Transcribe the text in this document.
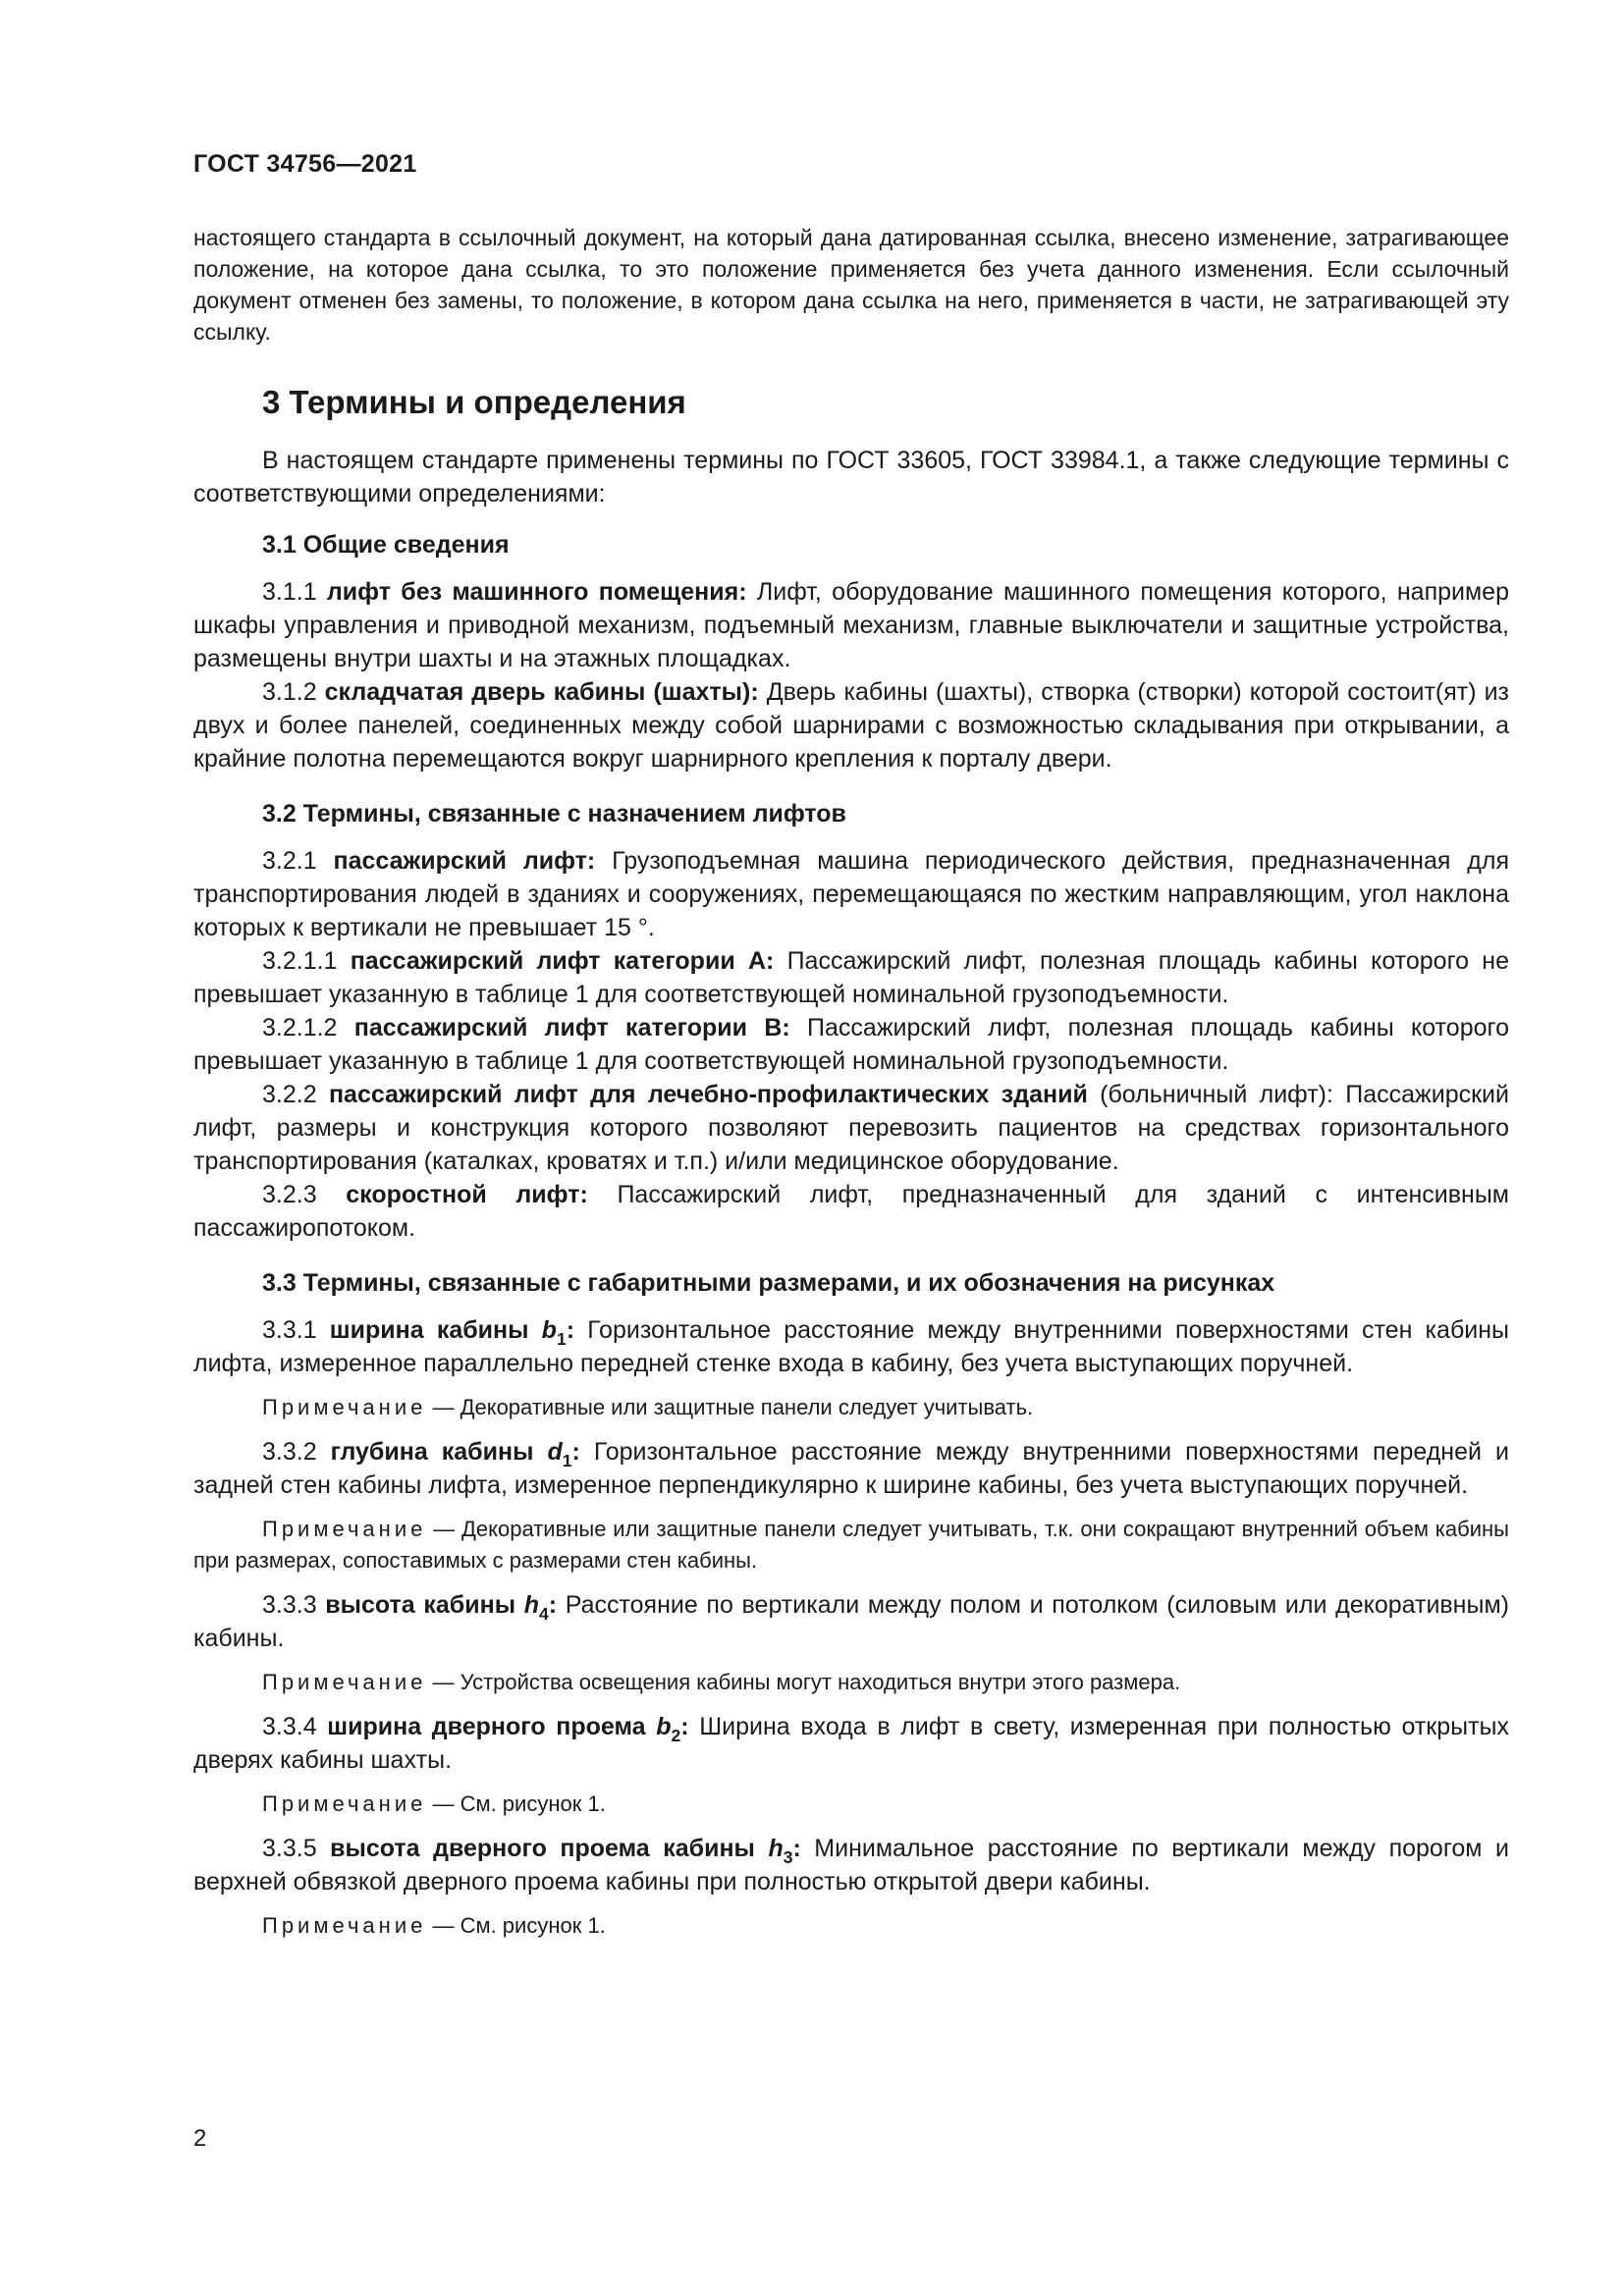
ГОСТ 34756—2021

настоящего стандарта в ссылочный документ, на который дана датированная ссылка, внесено изменение, затрагивающее положение, на которое дана ссылка, то это положение применяется без учета данного изменения. Если ссылочный документ отменен без замены, то положение, в котором дана ссылка на него, применяется в части, не затрагивающей эту ссылку.

3 Термины и определения

В настоящем стандарте применены термины по ГОСТ 33605, ГОСТ 33984.1, а также следующие термины с соответствующими определениями:

3.1 Общие сведения

3.1.1 лифт без машинного помещения: Лифт, оборудование машинного помещения которого, например шкафы управления и приводной механизм, подъемный механизм, главные выключатели и защитные устройства, размещены внутри шахты и на этажных площадках.

3.1.2 складчатая дверь кабины (шахты): Дверь кабины (шахты), створка (створки) которой состоит(ят) из двух и более панелей, соединенных между собой шарнирами с возможностью складывания при открывании, а крайние полотна перемещаются вокруг шарнирного крепления к порталу двери.

3.2 Термины, связанные с назначением лифтов

3.2.1 пассажирский лифт: Грузоподъемная машина периодического действия, предназначенная для транспортирования людей в зданиях и сооружениях, перемещающаяся по жестким направляющим, угол наклона которых к вертикали не превышает 15 °.

3.2.1.1 пассажирский лифт категории А: Пассажирский лифт, полезная площадь кабины которого не превышает указанную в таблице 1 для соответствующей номинальной грузоподъемности.

3.2.1.2 пассажирский лифт категории В: Пассажирский лифт, полезная площадь кабины которого превышает указанную в таблице 1 для соответствующей номинальной грузоподъемности.

3.2.2 пассажирский лифт для лечебно-профилактических зданий (больничный лифт): Пассажирский лифт, размеры и конструкция которого позволяют перевозить пациентов на средствах горизонтального транспортирования (каталках, кроватях и т.п.) и/или медицинское оборудование.

3.2.3 скоростной лифт: Пассажирский лифт, предназначенный для зданий с интенсивным пассажиропотоком.

3.3 Термины, связанные с габаритными размерами, и их обозначения на рисунках

3.3.1 ширина кабины $b_1$: Горизонтальное расстояние между внутренними поверхностями стен кабины лифта, измеренное параллельно передней стенке входа в кабину, без учета выступающих поручней.

Примечание — Декоративные или защитные панели следует учитывать.

3.3.2 глубина кабины $d_1$: Горизонтальное расстояние между внутренними поверхностями передней и задней стен кабины лифта, измеренное перпендикулярно к ширине кабины, без учета выступающих поручней.

Примечание — Декоративные или защитные панели следует учитывать, т.к. они сокращают внутренний объем кабины при размерах, сопоставимых с размерами стен кабины.

3.3.3 высота кабины $h_4$: Расстояние по вертикали между полом и потолком (силовым или декоративным) кабины.

Примечание — Устройства освещения кабины могут находиться внутри этого размера.

3.3.4 ширина дверного проема $b_2$: Ширина входа в лифт в свету, измеренная при полностью открытых дверях кабины шахты.

Примечание — См. рисунок 1.

3.3.5 высота дверного проема кабины $h_3$: Минимальное расстояние по вертикали между порогом и верхней обвязкой дверного проема кабины при полностью открытой двери кабины.

Примечание — См. рисунок 1.

2
